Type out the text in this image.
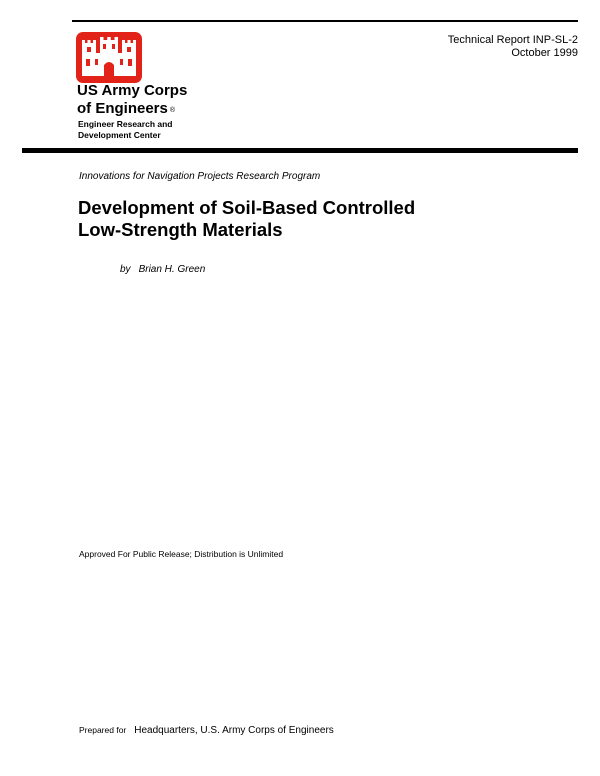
Technical Report INP-SL-2
October 1999
US Army Corps
of Engineers ®
Engineer Research and
Development Center
Innovations for Navigation Projects Research Program
Development of Soil-Based Controlled
Low-Strength Materials
by Brian H. Green
Approved For Public Release; Distribution is Unlimited
Prepared for Headquarters, U.S. Army Corps of Engineers
